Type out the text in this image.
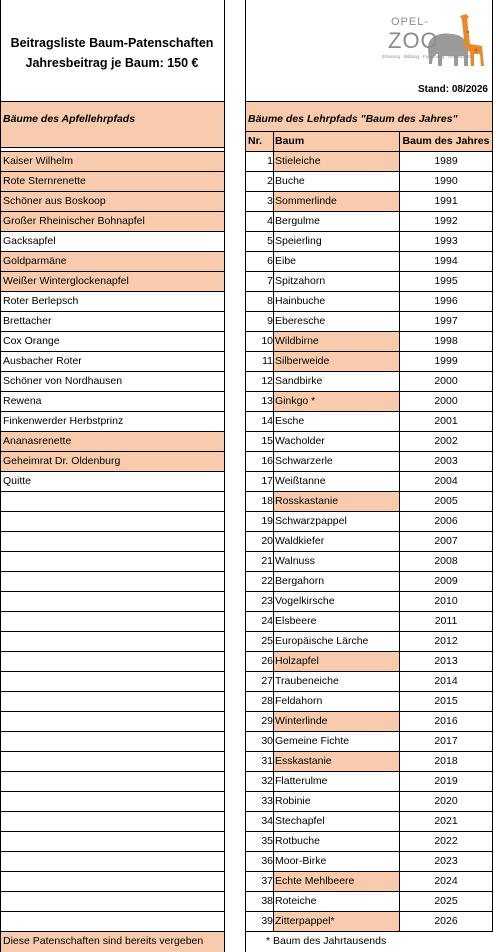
Beitragsliste Baum-Patenschaften
Jahresbeitrag je Baum: 150 €
OPEL-
ZOO
Erholung · Bildung · Forschung · Artenschutz
Stand: 08/2026
Bäume des Apfellehrpfads	Bäume des Lehrpfads "Baum des Jahres"
Nr.	Baum	Baum des Jahres
Kaiser Wilhelm
Rote Sternrenette
Schöner aus Boskoop
Großer Rheinischer Bohnapfel
Gacksapfel
Goldparmäne
Weißer Winterglockenapfel
Roter Berlepsch
Brettacher
Cox Orange
Ausbacher Roter
Schöner von Nordhausen
Rewena
Finkenwerder Herbstprinz
Ananasrenette
Geheimrat Dr. Oldenburg
Quitte
1 Stieleiche	1989
2 Buche	1990
3 Sommerlinde	1991
4 Bergulme	1992
5 Speierling	1993
6 Eibe	1994
7 Spitzahorn	1995
8 Hainbuche	1996
9 Eberesche	1997
10 Wildbirne	1998
11 Silberweide	1999
12 Sandbirke	2000
13 Ginkgo *	2000
14 Esche	2001
15 Wacholder	2002
16 Schwarzerle	2003
17 Weißtanne	2004
18 Rosskastanie	2005
19 Schwarzpappel	2006
20 Waldkiefer	2007
21 Walnuss	2008
22 Bergahorn	2009
23 Vogelkirsche	2010
24 Elsbeere	2011
25 Europäische Lärche	2012
26 Holzapfel	2013
27 Traubeneiche	2014
28 Feldahorn	2015
29 Winterlinde	2016
30 Gemeine Fichte	2017
31 Esskastanie	2018
32 Flatterulme	2019
33 Robinie	2020
34 Stechapfel	2021
35 Rotbuche	2022
36 Moor-Birke	2023
37 Echte Mehlbeere	2024
38 Roteiche	2025
39 Zitterpappel*	2026
Diese Patenschaften sind bereits vergeben	* Baum des Jahrtausends
